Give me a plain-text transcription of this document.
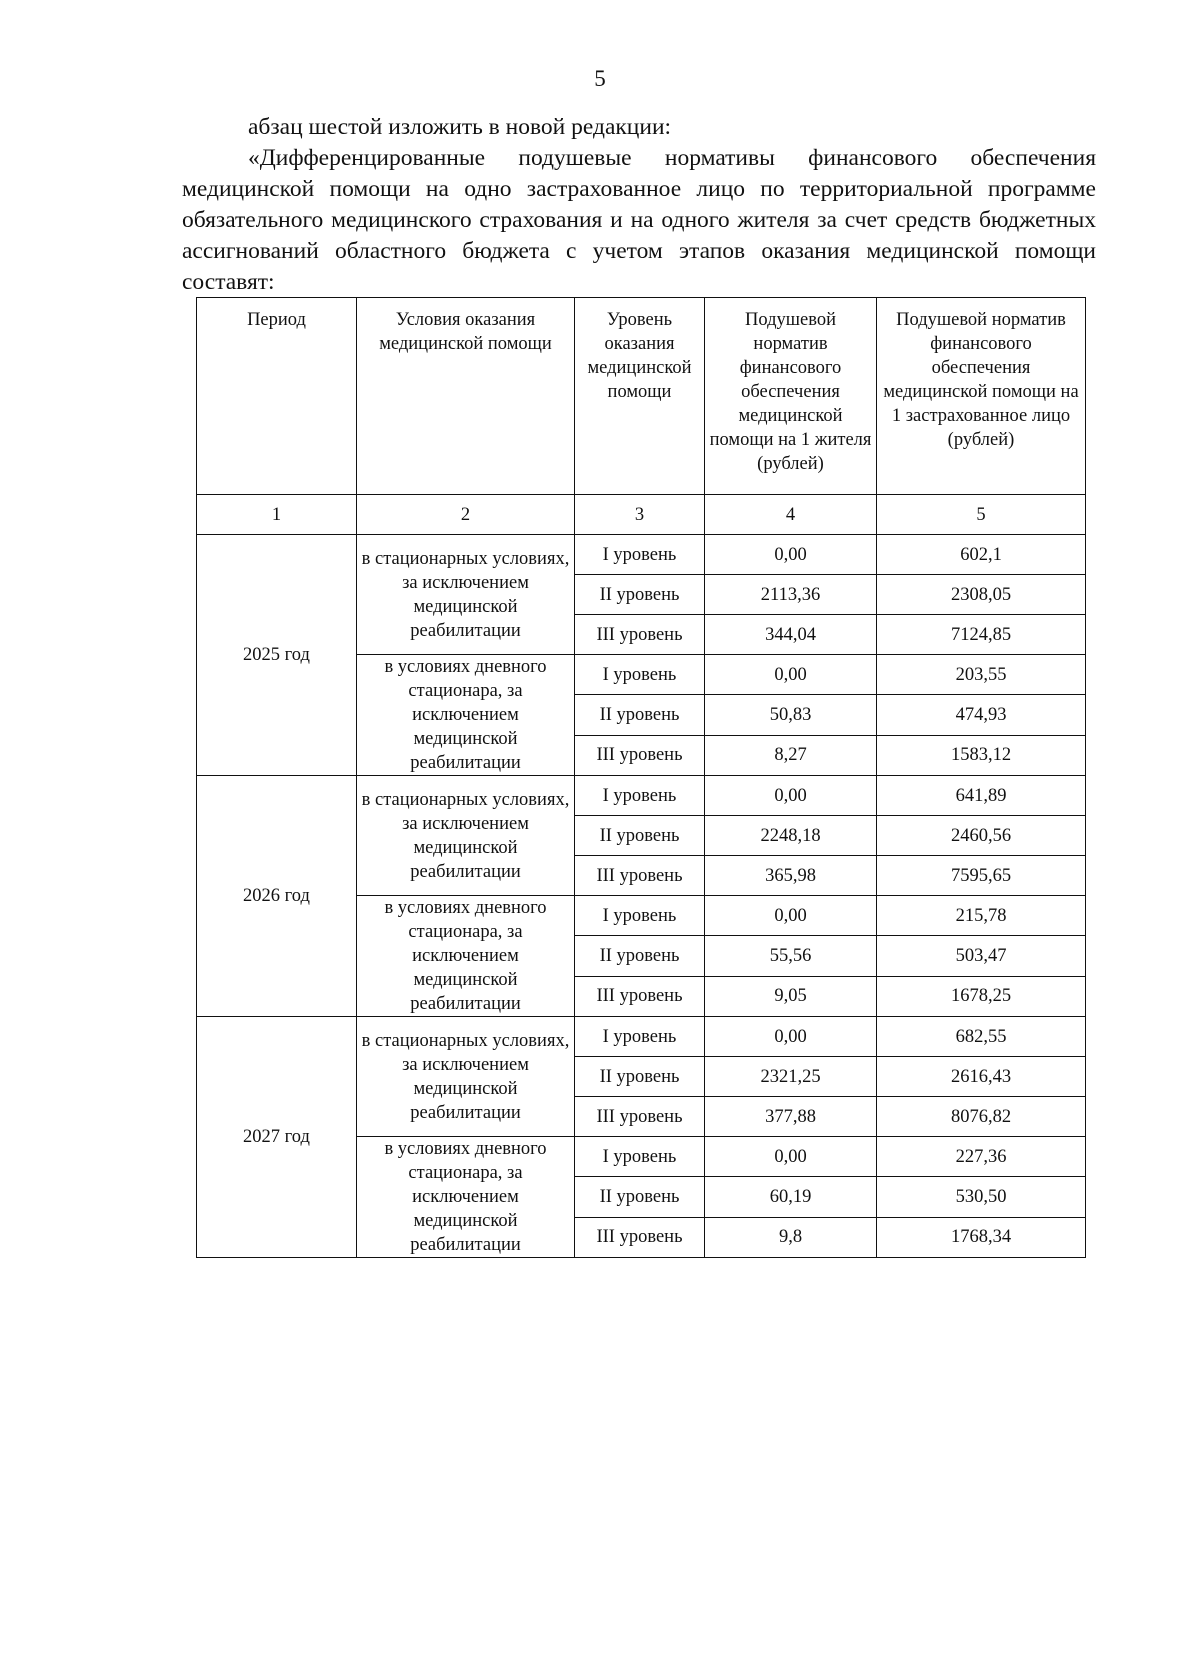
5

абзац шестой изложить в новой редакции:

«Дифференцированные подушевые нормативы финансового обеспечения медицинской помощи на одно застрахованное лицо по территориальной программе обязательного медицинского страхования и на одного жителя за счет средств бюджетных ассигнований областного бюджета с учетом этапов оказания медицинской помощи составят:

Период	Условия оказания медицинской помощи	Уровень оказания медицинской помощи	Подушевой норматив финансового обеспечения медицинской помощи на 1 жителя (рублей)	Подушевой норматив финансового обеспечения медицинской помощи на 1 застрахованное лицо (рублей)
1	2	3	4	5
2025 год	в стационарных условиях, за исключением медицинской реабилитации	I уровень	0,00	602,1
		II уровень	2113,36	2308,05
		III уровень	344,04	7124,85
	в условиях дневного стационара, за исключением медицинской реабилитации	I уровень	0,00	203,55
		II уровень	50,83	474,93
		III уровень	8,27	1583,12
2026 год	в стационарных условиях, за исключением медицинской реабилитации	I уровень	0,00	641,89
		II уровень	2248,18	2460,56
		III уровень	365,98	7595,65
	в условиях дневного стационара, за исключением медицинской реабилитации	I уровень	0,00	215,78
		II уровень	55,56	503,47
		III уровень	9,05	1678,25
2027 год	в стационарных условиях, за исключением медицинской реабилитации	I уровень	0,00	682,55
		II уровень	2321,25	2616,43
		III уровень	377,88	8076,82
	в условиях дневного стационара, за исключением медицинской реабилитации	I уровень	0,00	227,36
		II уровень	60,19	530,50
		III уровень	9,8	1768,34
